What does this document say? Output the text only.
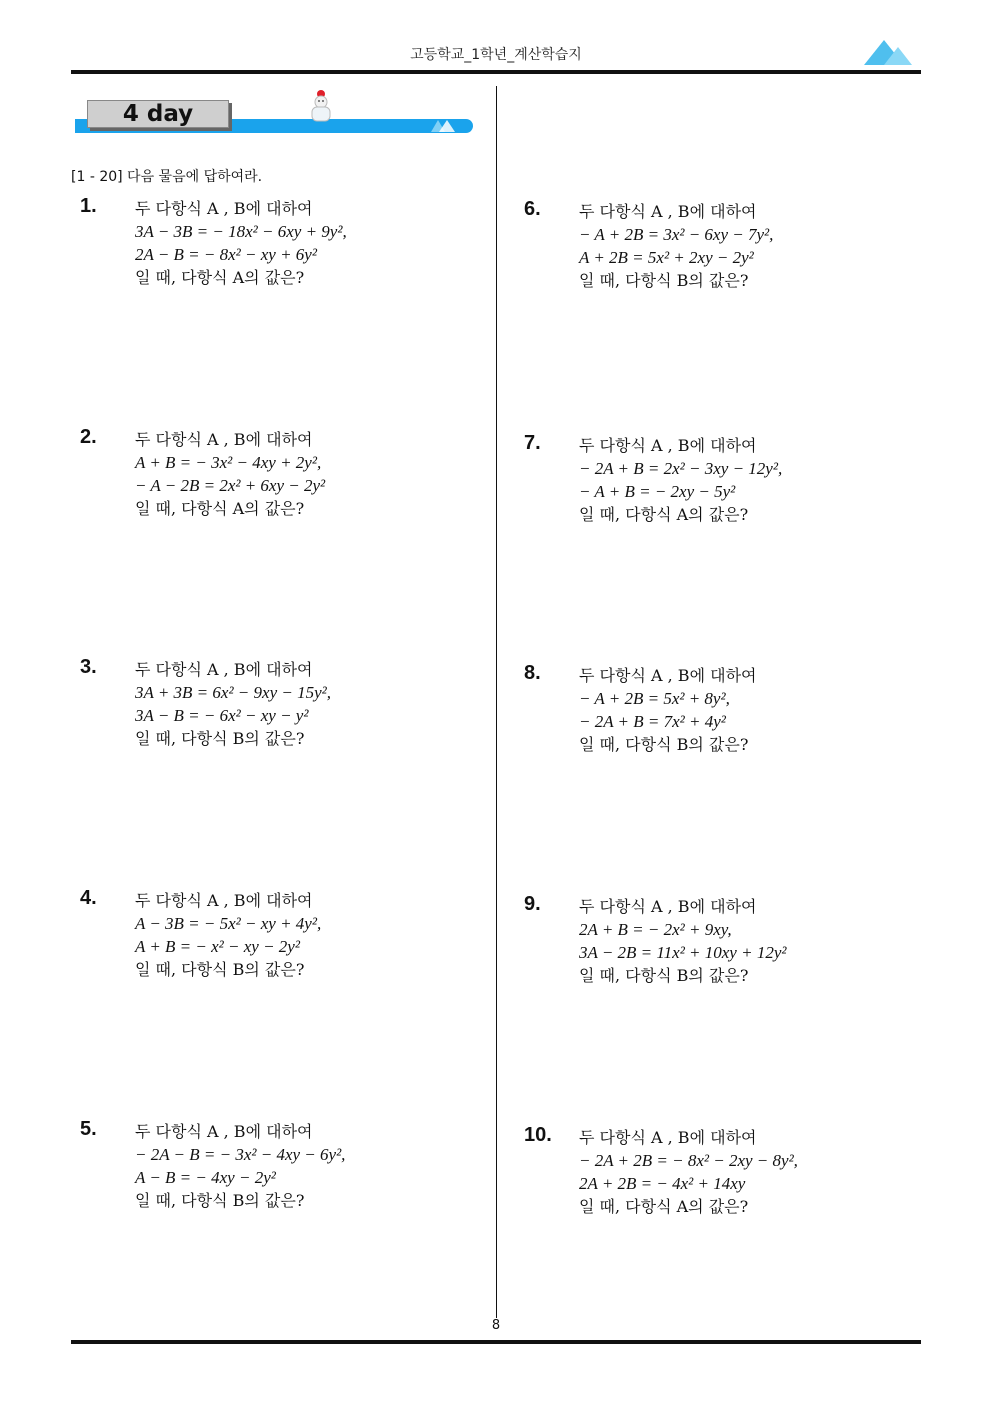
고등학교_1학년_계산학습지
4 day
[1 - 20] 다음 물음에 답하여라.
1. 두 다항식 A , B에 대하여
3A − 3B = − 18x² − 6xy + 9y²,
2A − B = − 8x² − xy + 6y²
일 때, 다항식 A의 값은?
2. 두 다항식 A , B에 대하여
A + B = − 3x² − 4xy + 2y²,
− A − 2B = 2x² + 6xy − 2y²
일 때, 다항식 A의 값은?
3. 두 다항식 A , B에 대하여
3A + 3B = 6x² − 9xy − 15y²,
3A − B = − 6x² − xy − y²
일 때, 다항식 B의 값은?
4. 두 다항식 A , B에 대하여
A − 3B = − 5x² − xy + 4y²,
A + B = − x² − xy − 2y²
일 때, 다항식 B의 값은?
5. 두 다항식 A , B에 대하여
− 2A − B = − 3x² − 4xy − 6y²,
A − B = − 4xy − 2y²
일 때, 다항식 B의 값은?
6. 두 다항식 A , B에 대하여
− A + 2B = 3x² − 6xy − 7y²,
A + 2B = 5x² + 2xy − 2y²
일 때, 다항식 B의 값은?
7. 두 다항식 A , B에 대하여
− 2A + B = 2x² − 3xy − 12y²,
− A + B = − 2xy − 5y²
일 때, 다항식 A의 값은?
8. 두 다항식 A , B에 대하여
− A + 2B = 5x² + 8y²,
− 2A + B = 7x² + 4y²
일 때, 다항식 B의 값은?
9. 두 다항식 A , B에 대하여
2A + B = − 2x² + 9xy,
3A − 2B = 11x² + 10xy + 12y²
일 때, 다항식 B의 값은?
10. 두 다항식 A , B에 대하여
− 2A + 2B = − 8x² − 2xy − 8y²,
2A + 2B = − 4x² + 14xy
일 때, 다항식 A의 값은?
8
